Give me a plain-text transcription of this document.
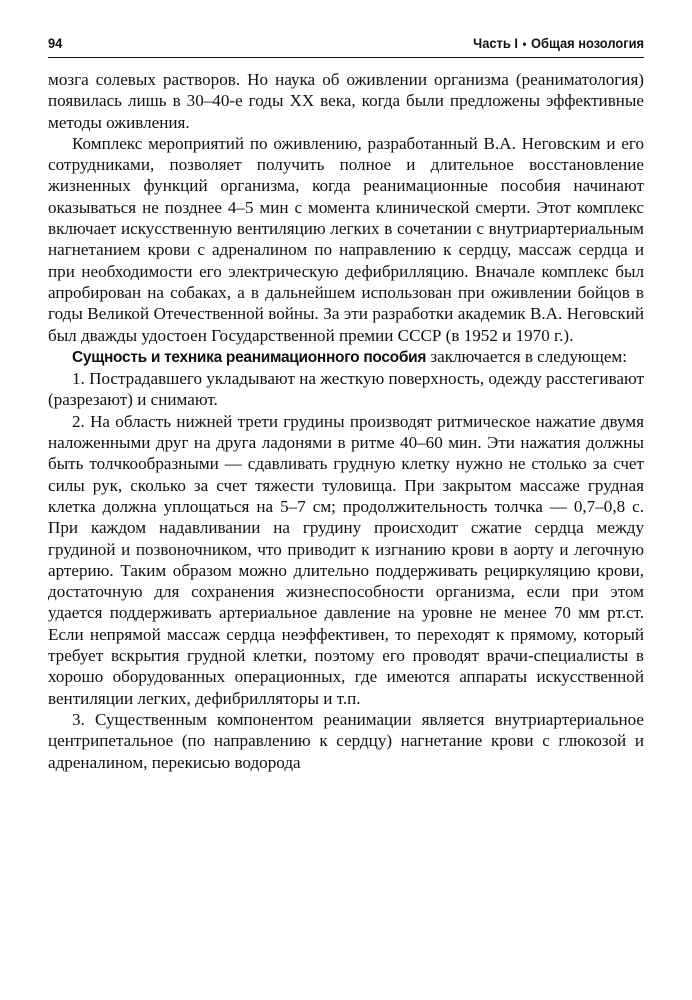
94	Часть I • Общая нозология

мозга солевых растворов. Но наука об оживлении организма (реаниматология) появилась лишь в 30–40-е годы XX века, когда были предложены эффективные методы оживления.

Комплекс мероприятий по оживлению, разработанный В.А. Неговским и его сотрудниками, позволяет получить полное и длительное восстановление жизненных функций организма, когда реанимационные пособия начинают оказываться не позднее 4–5 мин с момента клинической смерти. Этот комплекс включает искусственную вентиляцию легких в сочетании с внутриартериальным нагнетанием крови с адреналином по направлению к сердцу, массаж сердца и при необходимости его электрическую дефибрилляцию. Вначале комплекс был апробирован на собаках, а в дальнейшем использован при оживлении бойцов в годы Великой Отечественной войны. За эти разработки академик В.А. Неговский был дважды удостоен Государственной премии СССР (в 1952 и 1970 г.).

Сущность и техника реанимационного пособия заключается в следующем:

1. Пострадавшего укладывают на жесткую поверхность, одежду расстегивают (разрезают) и снимают.

2. На область нижней трети грудины производят ритмическое нажатие двумя наложенными друг на друга ладонями в ритме 40–60 мин. Эти нажатия должны быть толчкообразными — сдавливать грудную клетку нужно не столько за счет силы рук, сколько за счет тяжести туловища. При закрытом массаже грудная клетка должна уплощаться на 5–7 см; продолжительность толчка — 0,7–0,8 с. При каждом надавливании на грудину происходит сжатие сердца между грудиной и позвоночником, что приводит к изгнанию крови в аорту и легочную артерию. Таким образом можно длительно поддерживать рециркуляцию крови, достаточную для сохранения жизнеспособности организма, если при этом удается поддерживать артериальное давление на уровне не менее 70 мм рт.ст. Если непрямой массаж сердца неэффективен, то переходят к прямому, который требует вскрытия грудной клетки, поэтому его проводят врачи-специалисты в хорошо оборудованных операционных, где имеются аппараты искусственной вентиляции легких, дефибрилляторы и т.п.

3. Существенным компонентом реанимации является внутриартериальное центрипетальное (по направлению к сердцу) нагнетание крови с глюкозой и адреналином, перекисью водорода
